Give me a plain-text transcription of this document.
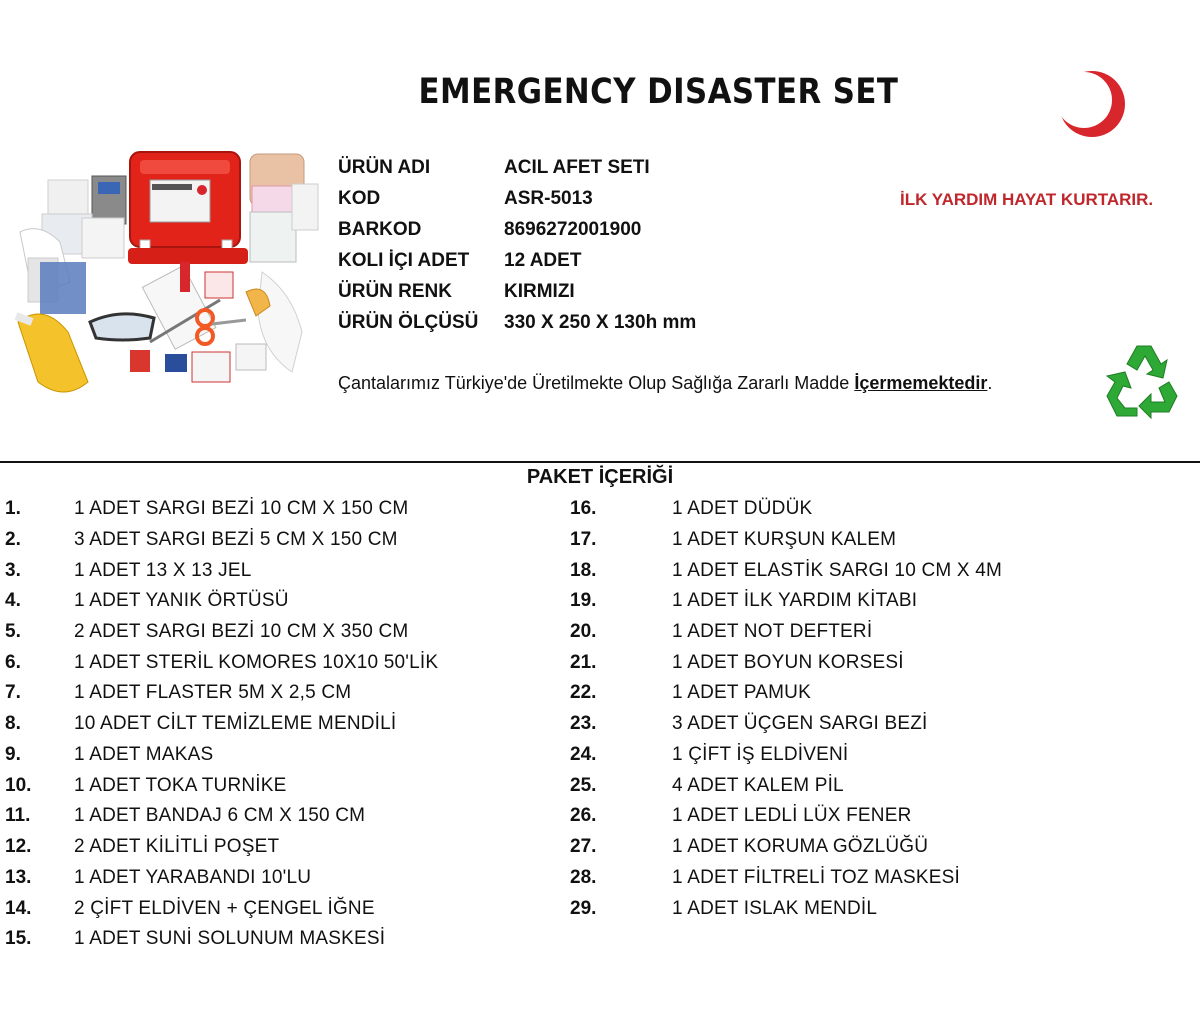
EMERGENCY DISASTER SET
ÜRÜN ADI	ACIL AFET SETI
KOD	ASR-5013
BARKOD	8696272001900
KOLI İÇI ADET 12 ADET
ÜRÜN RENK	KIRMIZI
ÜRÜN ÖLÇÜSÜ 330 X 250 X 130h mm
İLK YARDIM HAYAT KURTARIR.
Çantalarımız Türkiye'de Üretilmekte Olup Sağlığa Zararlı Madde İçermemektedir.	6
PAKET İÇERİĞİ
1.	1 ADET SARGI BEZİ 10 CM X 150 CM
2.	3 ADET SARGI BEZİ 5 CM X 150 CM
3.	1 ADET 13 X 13 JEL
4.	1 ADET YANIK ÖRTÜSÜ
5.	2 ADET SARGI BEZİ 10 CM X 350 CM
6.	1 ADET STERİL KOMORES 10X10 50'LİK
7.	1 ADET FLASTER 5M X 2,5 CM
8.	10 ADET CİLT TEMİZLEME MENDİLİ
9.	1 ADET MAKAS
10. 1 ADET TOKA TURNİKE
11. 1 ADET BANDAJ 6 CM X 150 CM
12. 2 ADET KİLİTLİ POŞET
13. 1 ADET YARABANDI 10'LU
14. 2 ÇİFT ELDİVEN + ÇENGEL İĞNE
15. 1 ADET SUNİ SOLUNUM MASKESİ
16.	1 ADET DÜDÜK
17.	1 ADET KURŞUN KALEM
18.	1 ADET ELASTİK SARGI 10 CM X 4M
19.	1 ADET İLK YARDIM KİTABI
20.	1 ADET NOT DEFTERİ
21.	1 ADET BOYUN KORSESİ
22.	1 ADET PAMUK
23.	3 ADET ÜÇGEN SARGI BEZİ
24.	1 ÇİFT İŞ ELDİVENİ
25.	4 ADET KALEM PİL
26.	1 ADET LEDLİ LÜX FENER
27.	1 ADET KORUMA GÖZLÜĞÜ
28.	1 ADET FİLTRELİ TOZ MASKESİ
29.	1 ADET ISLAK MENDİL
